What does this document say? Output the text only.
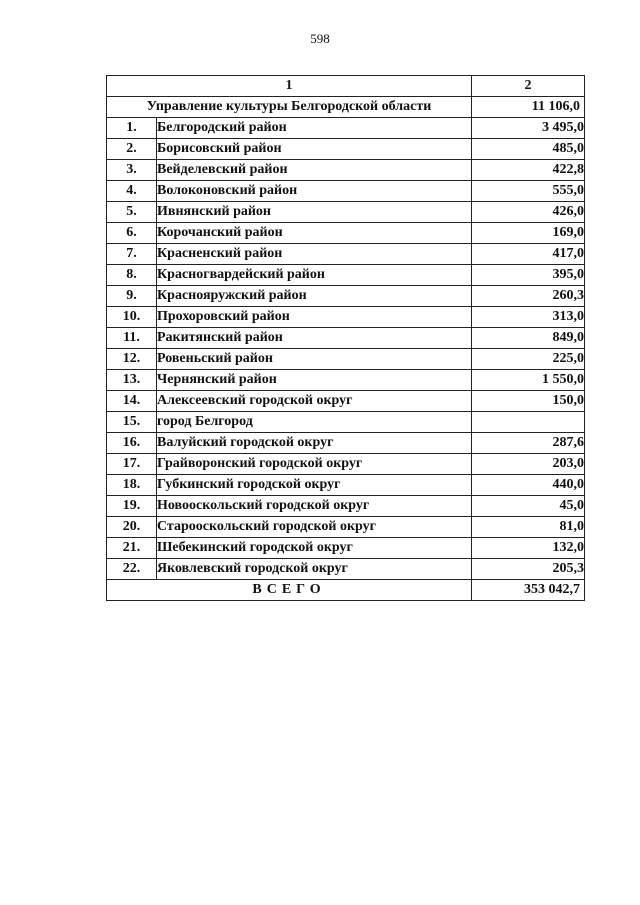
598
1		2
Управление культуры Белгородской области		11 106,0
1.	Белгородский район	3 495,0
2.	Борисовский район	485,0
3.	Вейделевский район	422,8
4.	Волоконовский район	555,0
5.	Ивнянский район	426,0
6.	Корочанский район	169,0
7.	Красненский район	417,0
8.	Красногвардейский район	395,0
9.	Краснояружский район	260,3
10.	Прохоровский район	313,0
11.	Ракитянский район	849,0
12.	Ровеньский район	225,0
13.	Чернянский район	1 550,0
14.	Алексеевский городской округ	150,0
15.	город Белгород	
16.	Валуйский городской округ	287,6
17.	Грайворонский городской округ	203,0
18.	Губкинский городской округ	440,0
19.	Новооскольский городской округ	45,0
20.	Старооскольский городской округ	81,0
21.	Шебекинский городской округ	132,0
22.	Яковлевский городской округ	205,3
ВСЕГО		353 042,7
